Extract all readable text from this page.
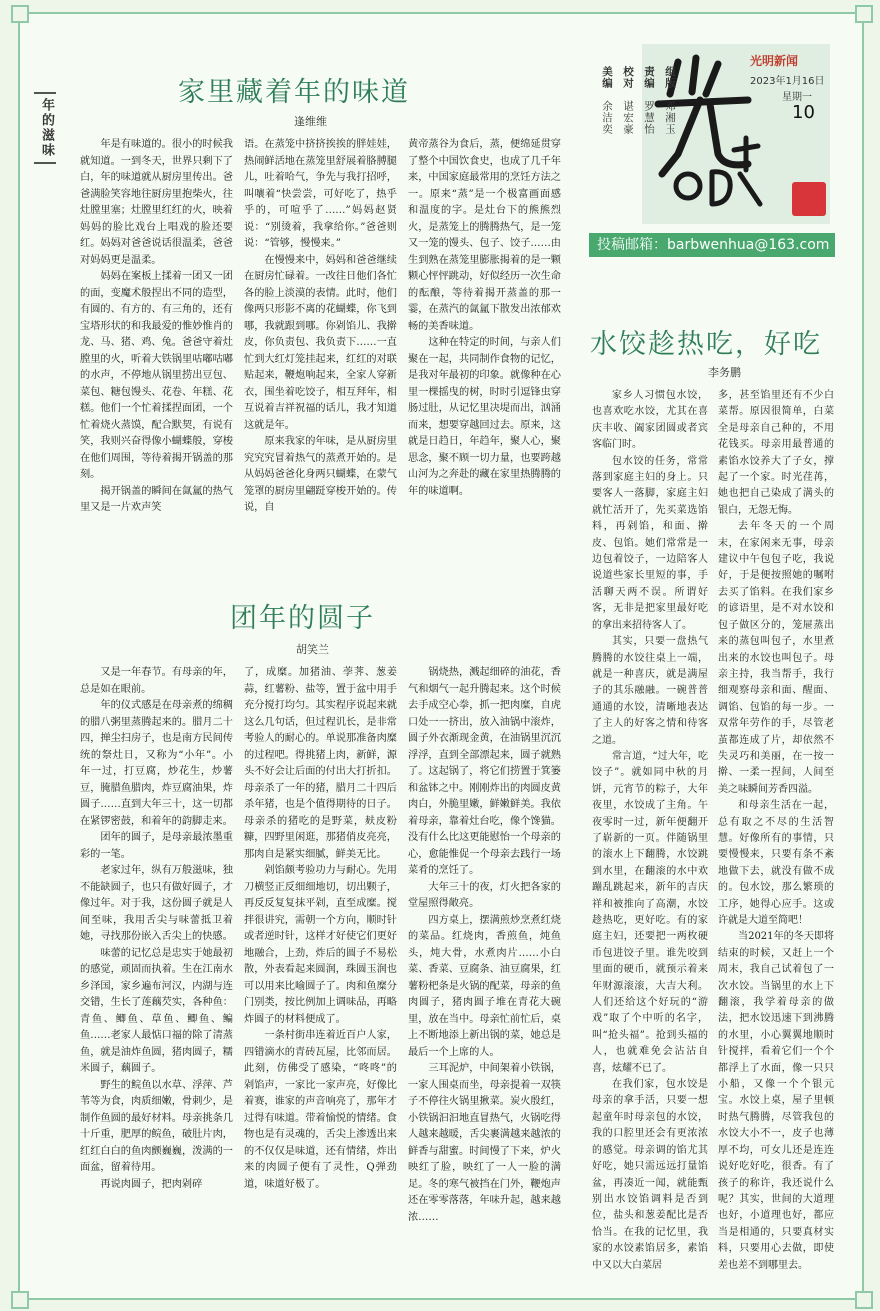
年的滋味
光明新闻
2023年1月16日
星期一
10
组版　邓湘玉
责编　罗慧怡
校对　谌宏豪
美编　余洁奕
投稿邮箱：barbwenhua@163.com
家里藏着年的味道
逢维维

年是有味道的。很小的时候我就知道。一到冬天，世界只剩下了白，年的味道就从厨房里传出。爸爸满脸笑容地往厨房里抱柴火，往灶膛里塞；灶膛里红红的火，映着妈妈的脸比戏台上唱戏的脸还要红。妈妈对爸爸说话很温柔，爸爸对妈妈更是温柔。

妈妈在案板上揉着一团又一团的面，变魔术般捏出不同的造型，有圆的、有方的、有三角的，还有宝塔形状的和我最爱的惟妙惟肖的龙、马、猪、鸡、兔。爸爸守着灶膛里的火，听着大铁锅里咕嘟咕嘟的水声，不停地从锅里捞出豆包、菜包、糖包馒头、花卷、年糕、花糕。他们一个忙着揉捏面团，一个忙着烧火蒸馍，配合默契，有说有笑，我则兴奋得像小蝴蝶般，穿梭在他们周围，等待着揭开锅盖的那刻。

揭开锅盖的瞬间在氤氲的热气里又是一片欢声笑

语。在蒸笼中挤挤挨挨的胖娃娃，热闹鲜活地在蒸笼里舒展着胳膊腿儿，吐着哈气，争先与我打招呼，叫嚷着“快尝尝，可好吃了，热乎乎的，可喧乎了……”妈妈赵贤说：“别烫着，我拿给你。”爸爸则说：“管够，慢慢来。”

在慢慢来中，妈妈和爸爸继续在厨房忙碌着。一改往日他们各忙各的脸上淡漠的表情。此时，他们像两只形影不离的花蝴蝶，你飞到哪，我就跟到哪。你剁馅儿、我擀皮，你负责包、我负责下……一直忙到大红灯笼挂起来，红红的对联贴起来，鞭炮响起来，全家人穿新衣，围坐着吃饺子，相互拜年，相互说着吉祥祝福的话儿，我才知道这就是年。

原来我家的年味，是从厨房里究究究冒着热气的蒸煮开始的。是从妈妈爸爸化身两只蝴蝶，在蒙气笼罩的厨房里翩跹穿梭开始的。传说，自

黄帝蒸谷为食后，蒸，便绵延贯穿了整个中国饮食史，也成了几千年来，中国家庭最常用的烹饪方法之一。原来“蒸”是一个极富画面感和温度的字。是灶台下的熊熊烈火，是蒸笼上的腾腾热气，是一笼又一笼的馒头、包子、饺子……由生到熟在蒸笼里膨胀揭着的是一颗颗心怦怦跳动，好似经历一次生命的酝酿，等待着揭开蒸盖的那一霎，在蒸汽的氤氲下散发出浓郁欢畅的美香味道。

这种在特定的时间，与亲人们聚在一起，共同制作食物的记忆，是我对年最初的印象。就像种在心里一棵摇曳的树，时时引逗锋虫穿肠过肚，从记忆里决堤而出，汹涌而来，想要穿越回过去。原来，这就是日趋日，年趋年，聚人心，聚思念，聚不顾一切力量，也要跨越山河为之奔赴的藏在家里热腾腾的年的味道啊。

水饺趁热吃，好吃
李务鹏

家乡人习惯包水饺，也喜欢吃水饺，尤其在喜庆丰收、阖家团圆或者宾客临门时。

包水饺的任务，常常落到家庭主妇的身上。只要客人一落脚，家庭主妇就忙活开了，先买菜选馅料，再剁馅，和面、擀皮、包馅。她们常常是一边包着饺子，一边陪客人说道些家长里短的事，手活聊天两不误。所谓好客，无非是把家里最好吃的拿出来招待客人了。

其实，只要一盘热气腾腾的水饺往桌上一端，就是一种喜庆，就是满屋子的其乐融融。一碗普普通通的水饺，清晰地表达了主人的好客之情和待客之道。

常言道，“过大年，吃饺子”。就如同中秋的月饼，元宵节的粽子，大年夜里，水饺成了主角。午夜零时一过，新年便翻开了崭新的一页。伴随锅里的滚水上下翻腾，水饺跳到水里，在翻滚的水中欢蹦乱跳起来，新年的吉庆祥和被推向了高潮，水饺趁热吃，更好吃。有的家庭主妇，还要把一两枚硬币包进饺子里。谁先咬到里面的硬币，就预示着来年财源滚滚，大吉大利。人们还给这个好玩的“游戏”取了个中听的名字，叫“抢头福”。抢到头福的人，也就难免会沾沾自喜，炫耀不已了。

在我们家，包水饺是母亲的拿手活，只要一想起童年时母亲包的水饺，我的口腔里还会有更浓浓的感觉。母亲调的馅尤其好吃，她只需远远打量馅盆，再凑近一闻，就能甄别出水饺馅调料是否到位，盐头和葱姜配比是否恰当。在我的记忆里，我家的水饺素馅居多，素馅中又以大白菜居

多，甚至馅里还有不少白菜帮。原因很简单，白菜全是母亲自己种的，不用花钱买。母亲用最普通的素馅水饺养大了子女，撑起了一个家。时光荏苒，她也把自己染成了满头的银白，无怨无悔。

去年冬天的一个周末，在家闲来无事，母亲建议中午包包子吃，我说好，于是便按照她的嘱咐去买了馅料。在我们家乡的谚语里，是不对水饺和包子做区分的，笼屉蒸出来的蒸包叫包子，水里煮出来的水饺也叫包子。母亲主持，我当帮手，我行细观察母亲和面、醒面、调馅、包馅的每一步。一双常年劳作的手，尽管老茧都连成了片，却依然不失灵巧和美丽，在一按一擀、一柔一捏间，人间至美之味瞬间芳香四溢。

和母亲生活在一起，总有取之不尽的生活智慧。好像所有的事情，只要慢慢来，只要有条不紊地做下去，就没有做不成的。包水饺，那么繁琐的工序，她得心应手。这或许就是大道至简吧！

当2021年的冬天即将结束的时候，又赶上一个周末，我自己试着包了一次水饺。当锅里的水上下翻滚，我学着母亲的做法，把水饺迅速下到沸腾的水里，小心翼翼地顺时针搅拌，看着它们一个个都浮上了水面，像一只只小船，又像一个个银元宝。水饺上桌，屋子里顿时热气腾腾，尽管我包的水饺大小不一，皮子也薄厚不均，可女儿还是连连说好吃好吃，很香。有了孩子的称许，我还说什么呢？其实，世间的大道理也好，小道理也好，都应当是相通的，只要真材实料，只要用心去做，即使差也差不到哪里去。

团年的圆子
胡笑兰

又是一年春节。有母亲的年，总是如在眼前。

年的仪式感是在母亲煮的绵稠的腊八粥里蒸腾起来的。腊月二十四，掸尘扫房子，也是南方民间传统的祭灶日，又称为“小年”。小年一过，打豆腐，炒花生，炒薯豆，腌腊鱼腊肉，炸豆腐油果，炸圆子……直到大年三十，这一切都在紧锣密鼓，和着年的韵脚走来。

团年的圆子，是母亲最浓墨重彩的一笔。

老家过年，纵有万般滋味，独不能缺圆子，也只有做好圆子，才像过年。对于我，这份圆子就是人间至味，我用舌尖与味蕾抵卫着她，寻找那份嵌入舌尖上的快感。

味蕾的记忆总是忠实于她最初的感觉，顽固而执着。生在江南水乡泽国，家乡遍布河汉，内湖与连交错，生长了莲藕芡实，各种鱼：青鱼、鲫鱼、草鱼、鲫鱼、鳊鱼……老家人最惦口福的除了清蒸鱼，就是油炸鱼圆，猪肉圆子，糯米圆子，藕圆子。

野生的鲩鱼以水草、浮萍、芦苇等为食，肉质细嫩，骨刺少，是制作鱼圆的最好材料。母亲挑条几十斤重，肥厚的鲩鱼，破肚片肉，红红白白的鱼肉颤巍巍，泼满的一面盆，留着待用。

再说肉圆子，把肉剁碎

了，成糜。加猪油、荸荠、葱姜蒜，红薯粉、盐等，置于盆中用手充分搅打均匀。其实程序说起来就这么几句话，但过程讥长，是非常考验人的耐心的。单说那准备肉糜的过程吧。得挑猪上肉，新鲜，源头不好会让后面的付出大打折扣。母亲杀了一年的猪，腊月二十四后杀年猪，也是个值得期待的日子。母亲杀的猪吃的是野菜，麸皮粉糠，四野里闲逛，那猪俏皮亮亮，那肉自是紧实细腻，鲜美无比。

剁馅颇考验功力与耐心。先用刀横竖正反细细地切，切出颗子，再反反复复抹平剁，直至成糜。搅拌很讲究，需朝一个方向，顺时针或者逆时针，这样才好使它们更好地融合，上劲，炸后的圆子不易松散，外表看起来圆润，珠圆玉润也可以用来比喻圆子了。肉和鱼糜分门别类，按比例加上调味品，再略炸圆子的材料便成了。

一条村街串连着近百户人家，四错滴水的青砖瓦屋，比邻而居。此刻，仿佛受了感染，“咚咚”的剁馅声，一家比一家声亮，好像比着赛，谁家的声音响亮了，那年才过得有味道。带着愉悦的情绪。食物也是有灵魂的，舌尖上渗透出来的不仅仅是味道，还有情绪，炸出来的肉圆子便有了灵性，Q弹劲道，味道好极了。

锅烧热，溅起细碎的油花，香气和烟气一起升腾起来。这个时候去手成空心拳，抓一把肉糜，自虎口处一一挤出，放入油锅中滚炸，圆子外衣渐现金黄，在油锅里沉沉浮浮，直到全部漂起来，圆子就熟了。这起锅了，将它们捞置于箕篓和盆钵之中。刚刚炸出的肉圆皮黄肉白，外脆里嫩，鲜嫩鲜美。我依着母亲，靠着灶台吃，像个馋猫。没有什么比这更能慰怡一个母亲的心，愈能惟促一个母亲去践行一场菜肴的烹饪了。

大年三十的夜，灯火把各家的堂屋照得敞亮。

四方桌上，摆满煎炒烹煮红烧的菜品。红烧肉，香煎鱼，炖鱼头，炖大骨，水煮肉片……小白菜、香菜、豆腐条、油豆腐果，红薯粉杷条是火锅的配菜，母亲的鱼肉圆子，猪肉圆子堆在青花大碗里，放在当中。母亲忙前忙后，桌上不断地添上新出锅的菜，她总是最后一个上席的人。

三耳泥炉，中间架着小铁锅，一家人围桌而坐，母亲提着一双筷子不停往火锅里揪菜。炭火殷红，小铁锅汩汩地直冒热气，火锅吃得人越来越暖，舌尖裹满越来越浓的鲜香与甜蜜。时间慢了下来，炉火映红了脸，映红了一人一脸的满足。冬的寒气被挡在门外，鞭炮声还在零零落落，年味升起，越来越浓……
